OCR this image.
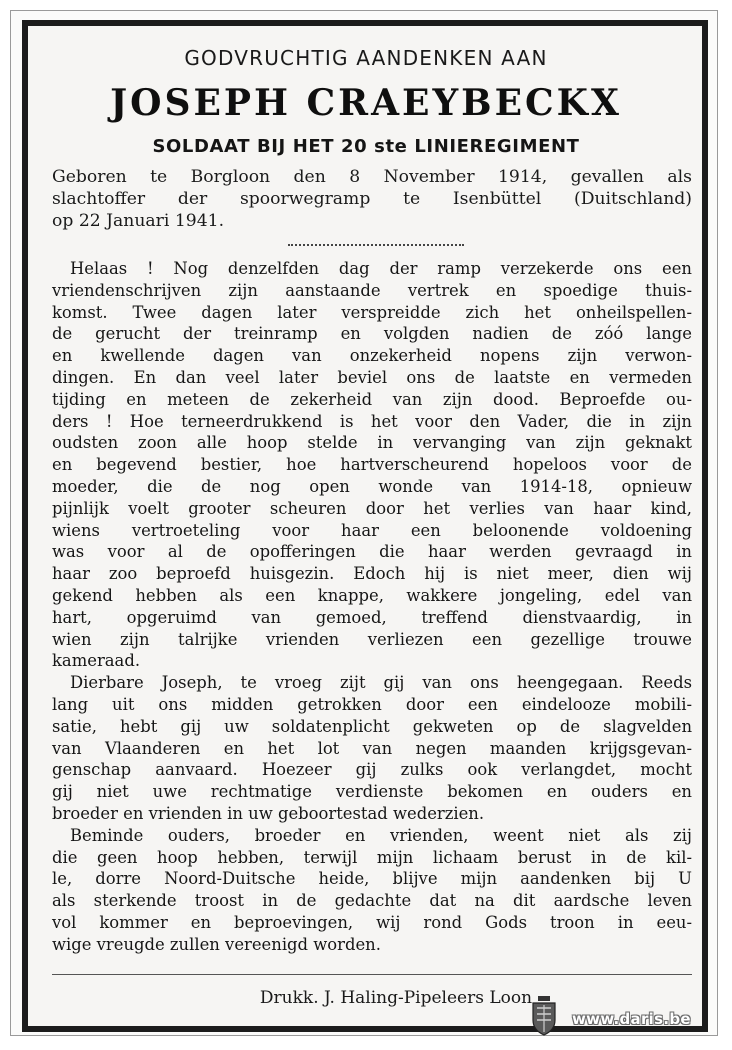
GODVRUCHTIG AANDENKEN AAN
JOSEPH CRAEYBECKX
SOLDAAT BIJ HET 20 ste LINIEREGIMENT
Geboren te Borgloon den 8 November 1914, gevallen als
slachtoffer der spoorwegramp te Isenbüttel (Duitschland)
op 22 Januari 1941.
Helaas ! Nog denzelfden dag der ramp verzekerde ons een
vriendenschrijven zijn aanstaande vertrek en spoedige thuis-
komst. Twee dagen later verspreidde zich het onheilspellen-
de gerucht der treinramp en volgden nadien de zóó lange
en kwellende dagen van onzekerheid nopens zijn verwon-
dingen. En dan veel later beviel ons de laatste en vermeden
tijding en meteen de zekerheid van zijn dood. Beproefde ou-
ders ! Hoe terneerdrukkend is het voor den Vader, die in zijn
oudsten zoon alle hoop stelde in vervanging van zijn geknakt
en begevend bestier, hoe hartverscheurend hopeloos voor de
moeder, die de nog open wonde van 1914-18, opnieuw
pijnlijk voelt grooter scheuren door het verlies van haar kind,
wiens vertroeteling voor haar een beloonende voldoening
was voor al de opofferingen die haar werden gevraagd in
haar zoo beproefd huisgezin. Edoch hij is niet meer, dien wij
gekend hebben als een knappe, wakkere jongeling, edel van
hart, opgeruimd van gemoed, treffend dienstvaardig, in
wien zijn talrijke vrienden verliezen een gezellige trouwe
kameraad.
Dierbare Joseph, te vroeg zijt gij van ons heengegaan. Reeds
lang uit ons midden getrokken door een eindelooze mobili-
satie, hebt gij uw soldatenplicht gekweten op de slagvelden
van Vlaanderen en het lot van negen maanden krijgsgevan-
genschap aanvaard. Hoezeer gij zulks ook verlangdet, mocht
gij niet uwe rechtmatige verdienste bekomen en ouders en
broeder en vrienden in uw geboortestad wederzien.
Beminde ouders, broeder en vrienden, weent niet als zij
die geen hoop hebben, terwijl mijn lichaam berust in de kil-
le, dorre Noord-Duitsche heide, blijve mijn aandenken bij U
als sterkende troost in de gedachte dat na dit aardsche leven
vol kommer en beproevingen, wij rond Gods troon in eeu-
wige vreugde zullen vereenigd worden.
Drukk. J. Haling-Pipeleers Loon
www.daris.be
